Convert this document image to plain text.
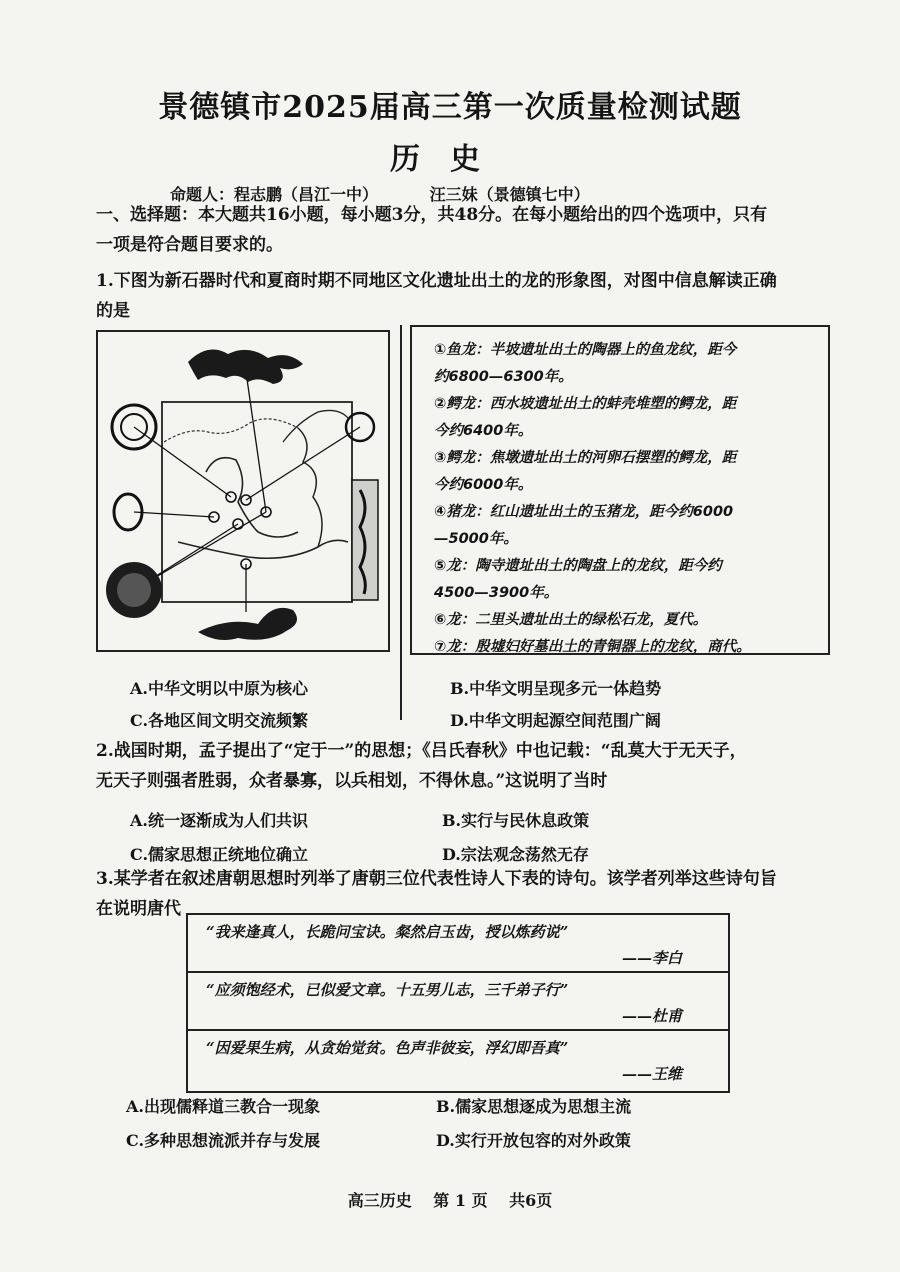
景德镇市2025届高三第一次质量检测试题
历史
命题人：程志鹏（昌江一中）	汪三妹（景德镇七中）
一、选择题：本大题共16小题，每小题3分，共48分。在每小题给出的四个选项中，只有
一项是符合题目要求的。
1.下图为新石器时代和夏商时期不同地区文化遗址出土的龙的形象图，对图中信息解读正确
的是
①鱼龙：半坡遗址出土的陶器上的鱼龙纹，距今
约6800—6300年。
②鳄龙：西水坡遗址出土的蚌壳堆塑的鳄龙，距
今约6400年。
③鳄龙：焦墩遗址出土的河卵石摆塑的鳄龙，距
今约6000年。
④猪龙：红山遗址出土的玉猪龙，距今约6000
—5000年。
⑤龙：陶寺遗址出土的陶盘上的龙纹，距今约
4500—3900年。
⑥龙：二里头遗址出土的绿松石龙，夏代。
⑦龙：殷墟妇好墓出土的青铜器上的龙纹，商代。
A.中华文明以中原为核心	B.中华文明呈现多元一体趋势
C.各地区间文明交流频繁	D.中华文明起源空间范围广阔
2.战国时期，孟子提出了“定于一”的思想；《吕氏春秋》中也记载：“乱莫大于无天子，
无天子则强者胜弱，众者暴寡，以兵相划，不得休息。”这说明了当时
A.统一逐渐成为人们共识	B.实行与民休息政策
C.儒家思想正统地位确立	D.宗法观念荡然无存
3.某学者在叙述唐朝思想时列举了唐朝三位代表性诗人下表的诗句。该学者列举这些诗句旨
在说明唐代
“我来逢真人，长跪问宝诀。粲然启玉齿，授以炼药说”
——李白
“应须饱经术，已似爱文章。十五男儿志，三千弟子行”
——杜甫
“因爱果生病，从贪始觉贫。色声非彼妄，浮幻即吾真”
——王维
A.出现儒释道三教合一现象	B.儒家思想逐成为思想主流
C.多种思想流派并存与发展	D.实行开放包容的对外政策
高三历史 第 1 页 共6页
